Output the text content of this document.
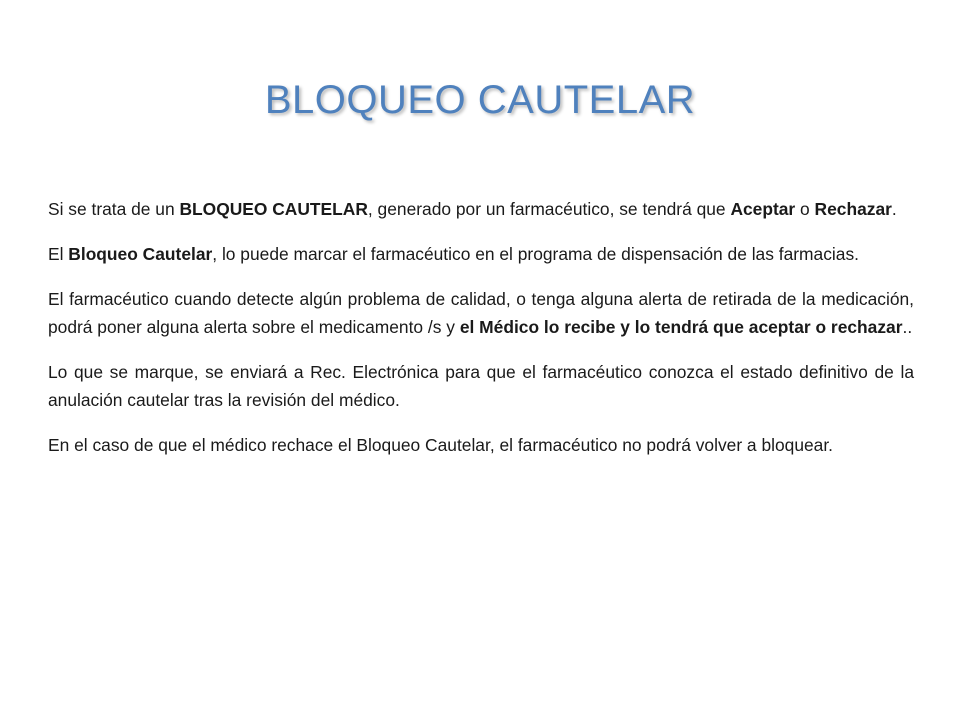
BLOQUEO CAUTELAR

Si se trata de un BLOQUEO CAUTELAR, generado por un farmacéutico, se tendrá que Aceptar o Rechazar.

El Bloqueo Cautelar, lo puede marcar el farmacéutico en el programa de dispensación de las farmacias.

El farmacéutico cuando detecte algún problema de calidad, o tenga alguna alerta de retirada de la medicación, podrá poner alguna alerta sobre el medicamento /s y el Médico lo recibe y lo tendrá que aceptar o rechazar..

Lo que se marque, se enviará a Rec. Electrónica para que el farmacéutico conozca el estado definitivo de la anulación cautelar tras la revisión del médico.

En el caso de que el médico rechace el Bloqueo Cautelar, el farmacéutico no podrá volver a bloquear.
